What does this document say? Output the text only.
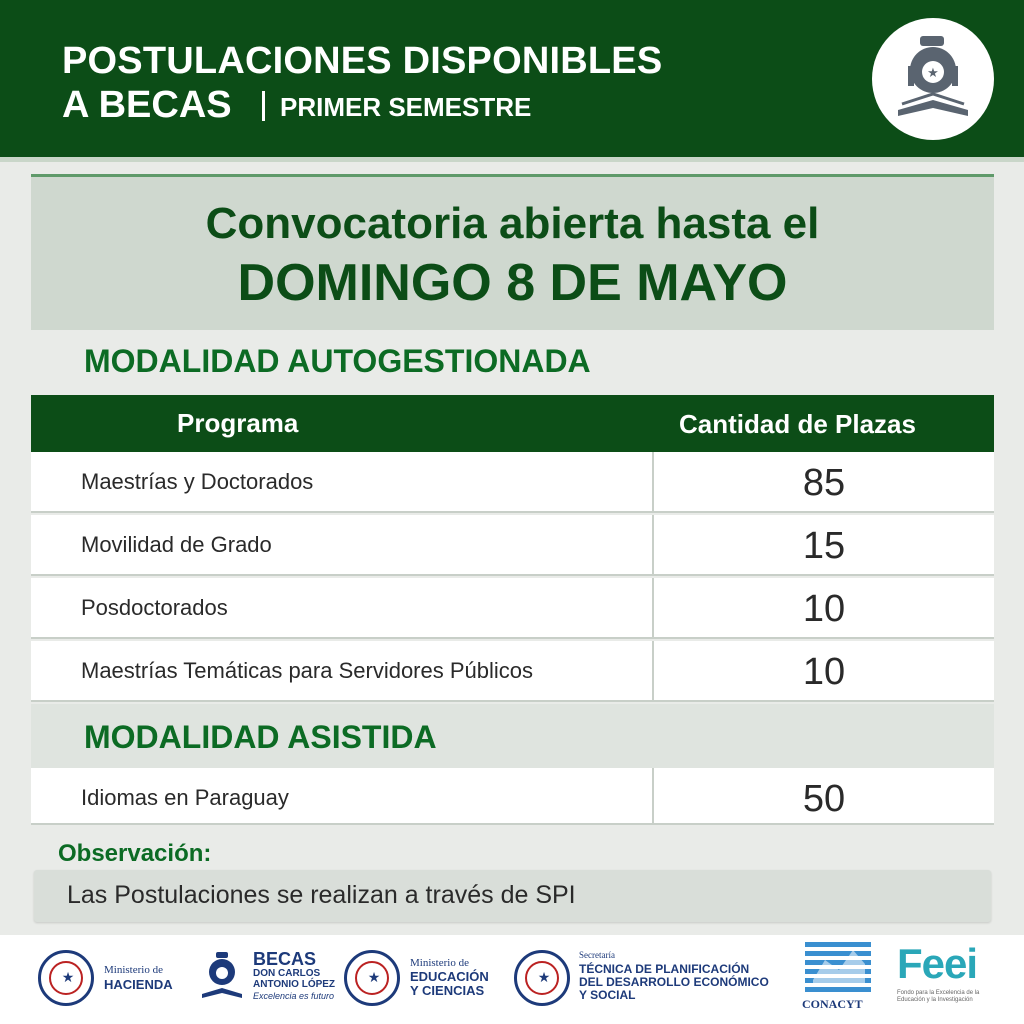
POSTULACIONES DISPONIBLES
A BECAS PRIMER SEMESTRE
★
Convocatoria abierta hasta el
DOMINGO 8 DE MAYO
MODALIDAD AUTOGESTIONADA
Programa	Cantidad de Plazas
Maestrías y Doctorados	85
Movilidad de Grado	15
Posdoctorados	10
Maestrías Temáticas para Servidores Públicos	10
MODALIDAD ASISTIDA
Idiomas en Paraguay	50
Observación:
Las Postulaciones se realizan a través de SPI
★	Ministerio de
HACIENDA
BECAS
DON CARLOS
ANTONIO LÓPEZ
Excelencia es futuro
★
Ministerio de
EDUCACIÓN
Y CIENCIAS
★
Secretaría
TÉCNICA DE PLANIFICACIÓN
DEL DESARROLLO ECONÓMICO
Y SOCIAL
CONACYT
Feei
Fondo para la Excelencia de la Educación y la Investigación
